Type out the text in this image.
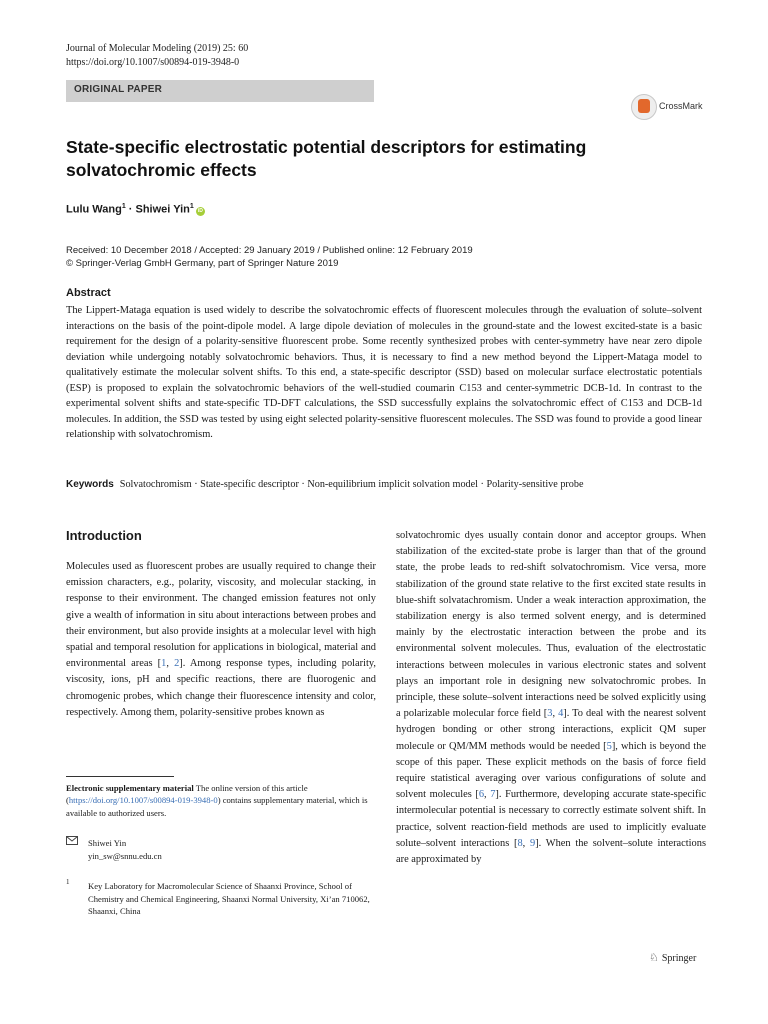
Journal of Molecular Modeling (2019) 25: 60
https://doi.org/10.1007/s00894-019-3948-0
ORIGINAL PAPER
CrossMark
State-specific electrostatic potential descriptors for estimating solvatochromic effects
Lulu Wang$^1$ · Shiwei Yin$^1$iD
Received: 10 December 2018 / Accepted: 29 January 2019 / Published online: 12 February 2019
© Springer-Verlag GmbH Germany, part of Springer Nature 2019
Abstract
The Lippert-Mataga equation is used widely to describe the solvatochromic effects of fluorescent molecules through the evaluation of solute–solvent interactions on the basis of the point-dipole model. A large dipole deviation of molecules in the ground-state and the lowest excited-state is a basic requirement for the design of a polarity-sensitive fluorescent probe. Some recently synthesized probes with center-symmetry have near zero dipole deviation while undergoing notably solvatochromic behaviors. Thus, it is necessary to find a new method beyond the Lippert-Mataga model to qualitatively estimate the molecular solvent shifts. To this end, a state-specific descriptor (SSD) based on molecular surface electrostatic potentials (ESP) is proposed to explain the solvatochromic behaviors of the well-studied coumarin C153 and center-symmetric DCB-1d. In contrast to the experimental solvent shifts and state-specific TD-DFT calculations, the SSD successfully explains the solvatochromic effect of C153 and DCB-1d molecules. In addition, the SSD was tested by using eight selected polarity-sensitive fluorescent molecules. The SSD was found to provide a good linear relationship with solvatochromism.
Keywords Solvatochromism · State-specific descriptor · Non-equilibrium implicit solvation model · Polarity-sensitive probe
Introduction
Molecules used as fluorescent probes are usually required to change their emission characters, e.g., polarity, viscosity, and molecular stacking, in response to their environment. The changed emission features not only give a wealth of information in situ about interactions between probes and their environment, but also provide insights at a molecular level with high spatial and temporal resolution for applications in biological, material and environmental areas [1, 2]. Among response types, including polarity, viscosity, ions, pH and specific reactions, there are fluorogenic and chromogenic probes, which change their fluorescence intensity and color, respectively. Among them, polarity-sensitive probes known as
solvatochromic dyes usually contain donor and acceptor groups. When stabilization of the excited-state probe is larger than that of the ground state, the probe leads to red-shift solvatochromism. Vice versa, more stabilization of the ground state relative to the first excited state results in blue-shift solvatachromism. Under a weak interaction approximation, the stabilization energy is also termed solvent energy, and is determined mainly by the electrostatic interaction between the probe and its environmental solvent molecules. Thus, evaluation of the electrostatic interactions between molecules in various electronic states and solvent plays an important role in designing new solvatochromic probes. In principle, these solute–solvent interactions need be solved explicitly using a polarizable molecular force field [3, 4]. To deal with the nearest solvent hydrogen bonding or other strong interactions, explicit QM super molecule or QM/MM methods would be needed [5], which is beyond the scope of this paper. These explicit methods on the basis of force field require statistical averaging over various configurations of solute and solvent molecules [6, 7]. Furthermore, developing accurate state-specific intermolecular potential is necessary to correctly estimate solvent shift. In practice, solvent reaction-field methods are used to implicitly evaluate solute–solvent interactions [8, 9]. When the solvent–solute interactions are approximated by
Electronic supplementary material The online version of this article (https://doi.org/10.1007/s00894-019-3948-0) contains supplementary material, which is available to authorized users.
Shiwei Yin
yin_sw@snnu.edu.cn
1 Key Laboratory for Macromolecular Science of Shaanxi Province, School of Chemistry and Chemical Engineering, Shaanxi Normal University, Xi’an 710062, Shaanxi, China
♘ Springer
